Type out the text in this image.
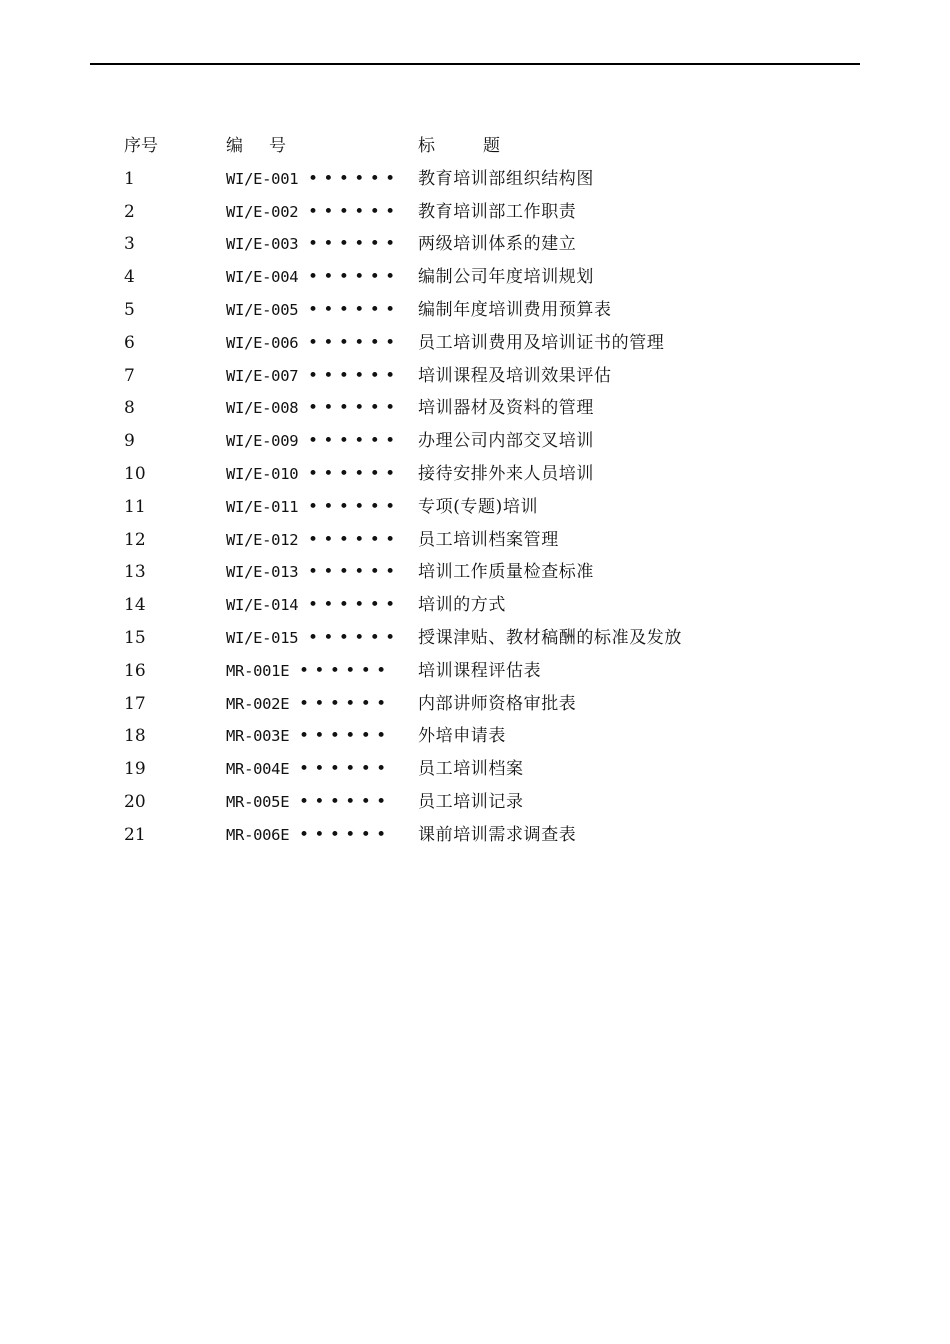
序号	编号	标题
1	WI/E-001 •••••• 教育培训部组织结构图
2	WI/E-002 •••••• 教育培训部工作职责
3	WI/E-003 •••••• 两级培训体系的建立
4	WI/E-004 •••••• 编制公司年度培训规划
5	WI/E-005 •••••• 编制年度培训费用预算表
6	WI/E-006 •••••• 员工培训费用及培训证书的管理
7	WI/E-007 •••••• 培训课程及培训效果评估
8	WI/E-008 •••••• 培训器材及资料的管理
9	WI/E-009 •••••• 办理公司内部交叉培训
10	WI/E-010 •••••• 接待安排外来人员培训
11	WI/E-011 •••••• 专项(专题)培训
12	WI/E-012 •••••• 员工培训档案管理
13	WI/E-013 •••••• 培训工作质量检查标准
14	WI/E-014 •••••• 培训的方式
15	WI/E-015 •••••• 授课津贴、教材稿酬的标准及发放
16	MR-001E •••••• 培训课程评估表
17	MR-002E •••••• 内部讲师资格审批表
18	MR-003E •••••• 外培申请表
19	MR-004E •••••• 员工培训档案
20	MR-005E •••••• 员工培训记录
21	MR-006E •••••• 课前培训需求调查表
